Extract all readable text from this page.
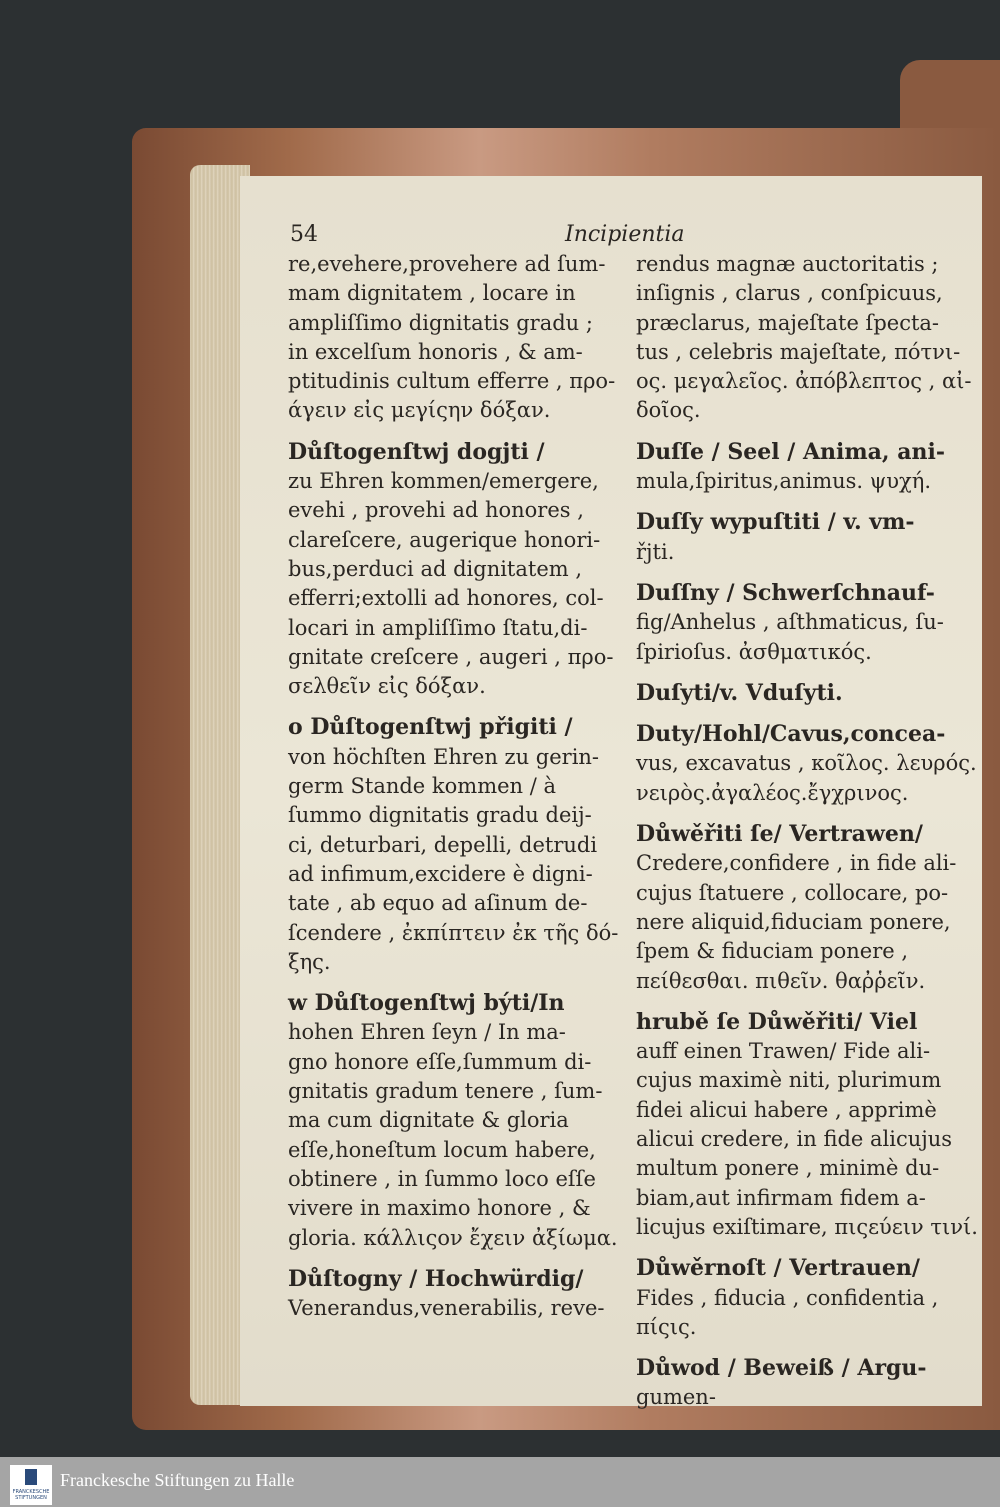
54	Incipientia

re,evehere,provehere ad ſum-

mam dignitatem , locare in

ampliſſimo dignitatis gradu ;

in excelſum honoris , & am-

ptitudinis cultum efferre , προ-

άγειν εἰς μεγίςην δόξαν.

Důſtogenſtwj dogjti /

zu Ehren kommen/emergere,

evehi , provehi ad honores ,

clareſcere, augerique honori-

bus,perduci ad dignitatem ,

efferri;extolli ad honores, col-

locari in ampliſſimo ſtatu,di-

gnitate creſcere , augeri , προ-

σελθεῖν εἰς δόξαν.

o Důſtogenſtwj přigiti /

von höchſten Ehren zu gerin-

germ Stande kommen / à

ſummo dignitatis gradu deij-

ci, deturbari, depelli, detrudi

ad infimum,excidere è digni-

tate , ab equo ad aſinum de-

ſcendere , ἐκπίπτειν ἐκ τῆς δό-

ξης.

w Důſtogenſtwj býti/In

hohen Ehren ſeyn / In ma-

gno honore eſſe,ſummum di-

gnitatis gradum tenere , ſum-

ma cum dignitate & gloria

eſſe,honeſtum locum habere,

obtinere , in ſummo loco eſſe

vivere in maximo honore , &

gloria. κάλλιςον ἔχειν ἀξίωμα.

Důſtogny / Hochwürdig/

Venerandus,venerabilis, reve-

rendus magnæ auctoritatis ;

inſignis , clarus , conſpicuus,

præclarus, majeſtate ſpecta-

tus , celebris majeſtate, πότνι-

ος. μεγαλεῖος. ἀπόβλεπτος , αἰ-

δοῖος.

Duſſe / Seel / Anima, ani-

mula,ſpiritus,animus. ψυχή.

Duſſy wypuſtiti / v. vm-

řjti.

Duſſny / Schwerſchnauf-

fig/Anhelus , aſthmaticus, ſu-

ſpirioſus. ἀσθματικός.

Duſyti/v. Vduſyti.

Duty/Hohl/Cavus,concea-

vus, excavatus , κοῖλος. λευρός.

νειρὸς.ἀγαλέος.ἔγχρινος.

Důwěřiti ſe/ Vertrawen/

Credere,confidere , in fide ali-

cujus ſtatuere , collocare, po-

nere aliquid,fiduciam ponere,

ſpem & fiduciam ponere ,

πείθεσθαι. πιθεῖν. θαῤῥεῖν.

hrubě ſe Důwěřiti/ Viel

auff einen Trawen/ Fide ali-

cujus maximè niti, plurimum

fidei alicui habere , apprimè

alicui credere, in fide alicujus

multum ponere , minimè du-

biam,aut infirmam fidem a-

licujus exiſtimare, πιςεύειν τινί.

Důwěrnoſt / Vertrauen/

Fides , fiducia , confidentia ,

πίςις.

Důwod / Beweiß / Argu-

gumen-

FRANCKESCHE STIFTUNGEN
Franckesche Stiftungen zu Halle
